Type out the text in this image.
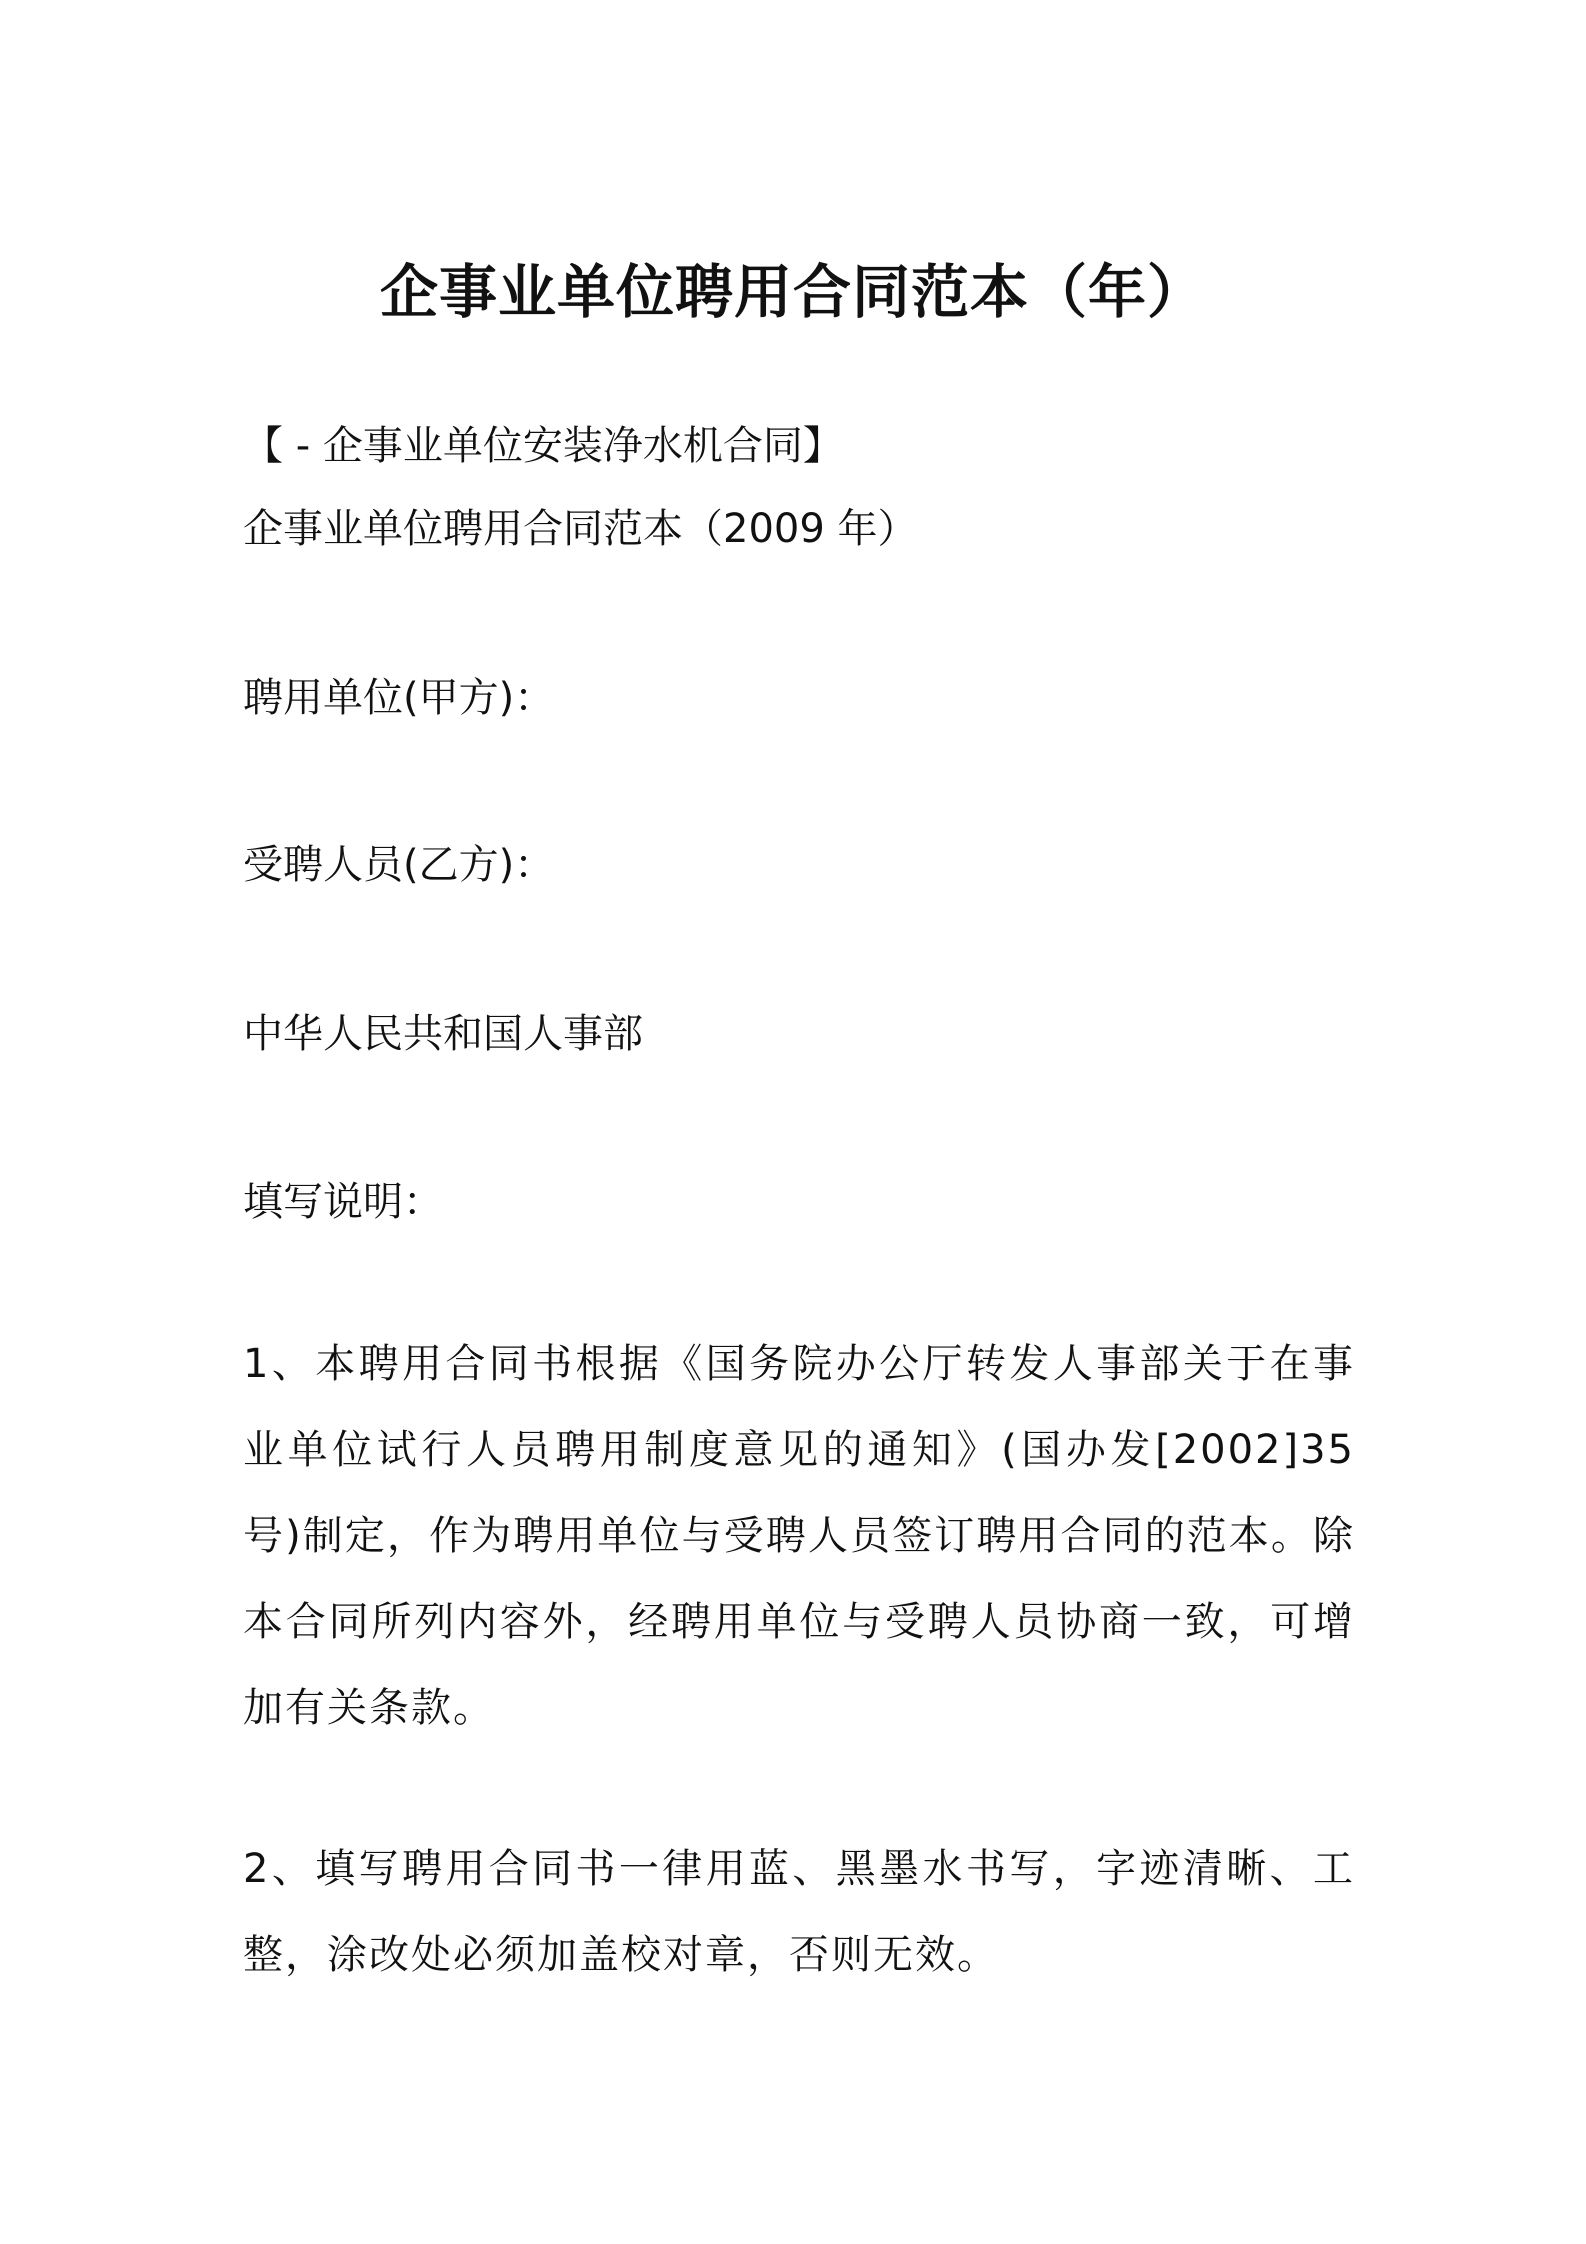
企事业单位聘用合同范本（年）
【 - 企事业单位安装净水机合同】
企事业单位聘用合同范本（2009 年）
聘用单位(甲方)：
受聘人员(乙方)：
中华人民共和国人事部
填写说明：
1、本聘用合同书根据《国务院办公厅转发人事部关于在事业单位试行人员聘用制度意见的通知》(国办发[2002]35 号)制定，作为聘用单位与受聘人员签订聘用合同的范本。除本合同所列内容外，经聘用单位与受聘人员协商一致，可增加有关条款。
2、填写聘用合同书一律用蓝、黑墨水书写，字迹清晰、工整，涂改处必须加盖校对章，否则无效。
